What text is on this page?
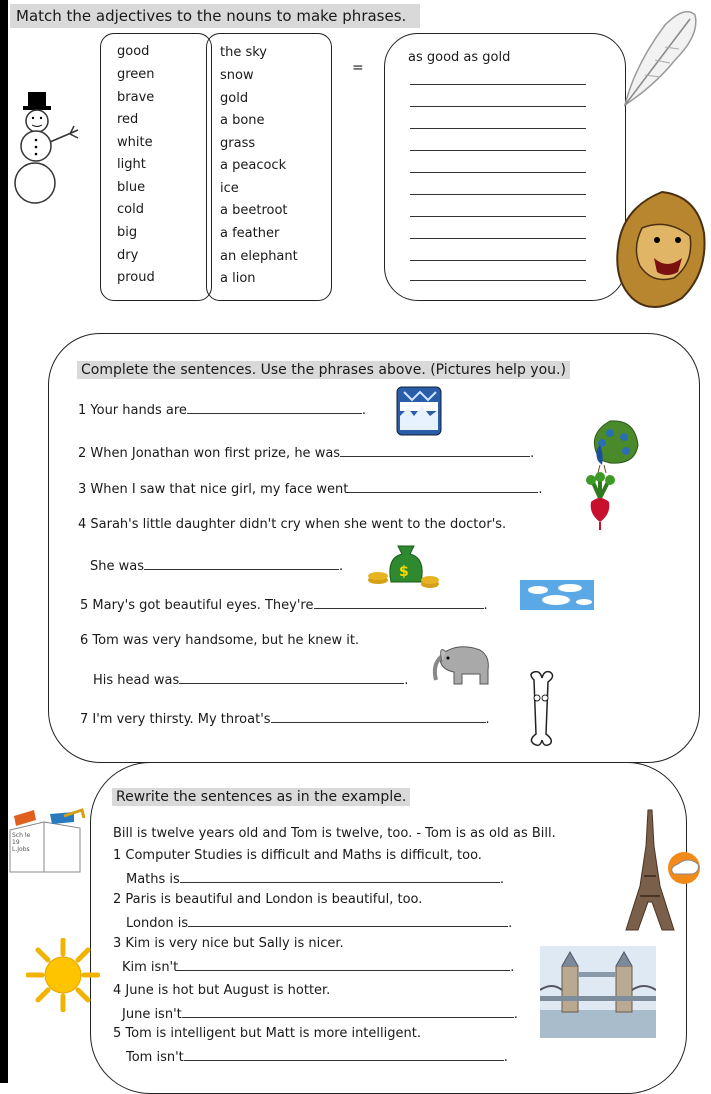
Match the adjectives to the nouns to make phrases.
good
green
brave
red
white
light
blue
cold
big
dry
proud
the sky
snow
gold
a bone
grass
a peacock
ice
a beetroot
a feather
an elephant
a lion
=
as good as gold
Complete the sentences. Use the phrases above. (Pictures help you.)
1 Your hands are	.
2 When Jonathan won first prize, he was	.
3 When I saw that nice girl, my face went	.
4 Sarah's little daughter didn't cry when she went to the doctor's.
She was	.
5 Mary's got beautiful eyes. They're	.
6 Tom was very handsome, but he knew it.
His head was	.
7 I'm very thirsty. My throat's	.
$
Rewrite the sentences as in the example.
Bill is twelve years old and Tom is twelve, too. - Tom is as old as Bill.
1 Computer Studies is difficult and Maths is difficult, too.
Maths is	.
2 Paris is beautiful and London is beautiful, too.
London is	.
3 Kim is very nice but Sally is nicer.
Kim isn't	.
4 June is hot but August is hotter.
June isn't	.
5 Tom is intelligent but Matt is more intelligent.
Tom isn't	.
Sch le
19
L.Jobs
